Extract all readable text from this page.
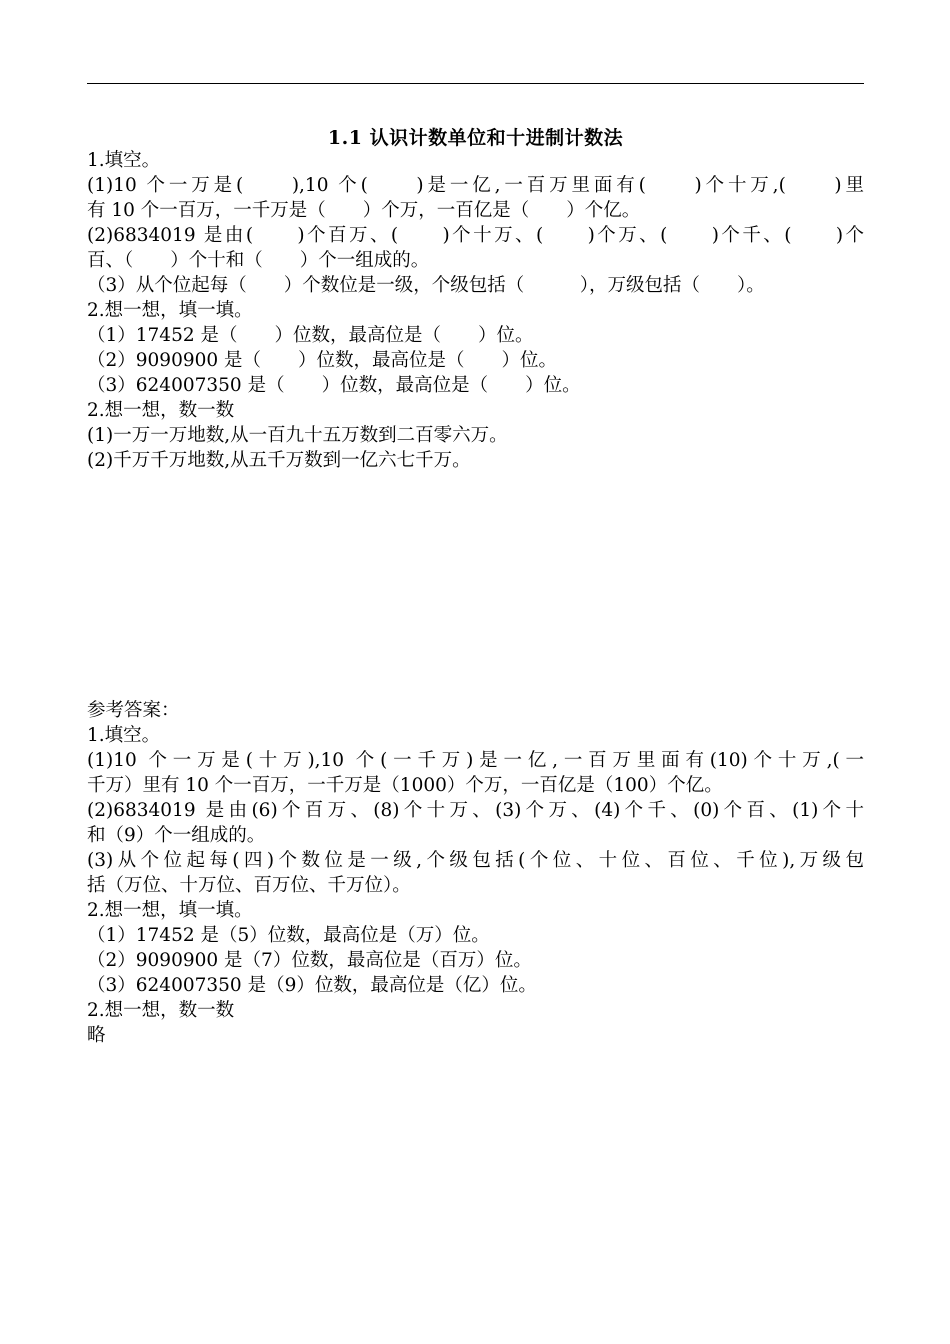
1.1 认识计数单位和十进制计数法
1.填空。
(1)10 个一万是(　　),10 个(　　)是一亿,一百万里面有(　　)个十万,(　　)里
有 10 个一百万，一千万是（　　）个万，一百亿是（　　）个亿。
(2)6834019 是由(　　)个百万、(　　)个十万、(　　)个万、(　　)个千、(　　)个
百、（　　）个十和（　　）个一组成的。
（3）从个位起每（　　）个数位是一级，个级包括（　　　），万级包括（　　）。
2.想一想，填一填。
（1）17452 是（　　）位数，最高位是（　　）位。
（2）9090900 是（　　）位数，最高位是（　　）位。
（3）624007350 是（　　）位数，最高位是（　　）位。
2.想一想，数一数
(1)一万一万地数,从一百九十五万数到二百零六万。
(2)千万千万地数,从五千万数到一亿六七千万。
参考答案：
1.填空。
(1)10 个一万是(十万),10 个(一千万)是一亿,一百万里面有(10)个十万,(一
千万）里有 10 个一百万，一千万是（1000）个万，一百亿是（100）个亿。
(2)6834019 是由(6)个百万、(8)个十万、(3)个万、(4)个千、(0)个百、(1)个十
和（9）个一组成的。
(3)从个位起每(四)个数位是一级,个级包括(个位、十位、百位、千位),万级包
括（万位、十万位、百万位、千万位）。
2.想一想，填一填。
（1）17452 是（5）位数，最高位是（万）位。
（2）9090900 是（7）位数，最高位是（百万）位。
（3）624007350 是（9）位数，最高位是（亿）位。
2.想一想，数一数
略
